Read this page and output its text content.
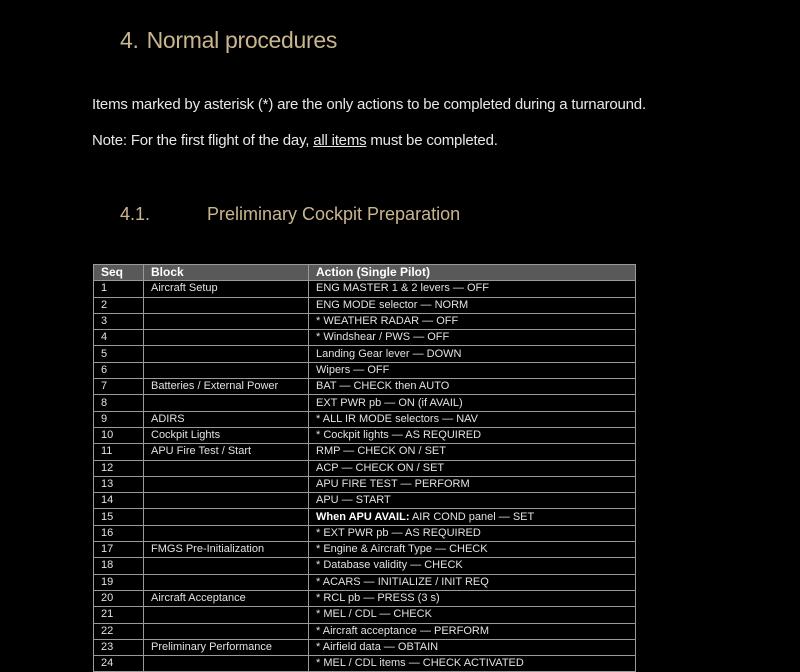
4. Normal procedures
Items marked by asterisk (*) are the only actions to be completed during a turnaround.
Note: For the first flight of the day, all items must be completed.
4.1.	Preliminary Cockpit Preparation
Seq	Block	Action (Single Pilot)
1	Aircraft Setup	ENG MASTER 1 & 2 levers — OFF
2		ENG MODE selector — NORM
3		* WEATHER RADAR — OFF
4		* Windshear / PWS — OFF
5		Landing Gear lever — DOWN
6		Wipers — OFF
7	Batteries / External Power	BAT — CHECK then AUTO
8		EXT PWR pb — ON (if AVAIL)
9	ADIRS	* ALL IR MODE selectors — NAV
10	Cockpit Lights	* Cockpit lights — AS REQUIRED
11	APU Fire Test / Start	RMP — CHECK ON / SET
12		ACP — CHECK ON / SET
13		APU FIRE TEST — PERFORM
14		APU — START
15		When APU AVAIL: AIR COND panel — SET
16		* EXT PWR pb — AS REQUIRED
17	FMGS Pre-Initialization	* Engine & Aircraft Type — CHECK
18		* Database validity — CHECK
19		* ACARS — INITIALIZE / INIT REQ
20	Aircraft Acceptance	* RCL pb — PRESS (3 s)
21		* MEL / CDL — CHECK
22		* Aircraft acceptance — PERFORM
23	Preliminary Performance	* Airfield data — OBTAIN
24		* MEL / CDL items — CHECK ACTIVATED
